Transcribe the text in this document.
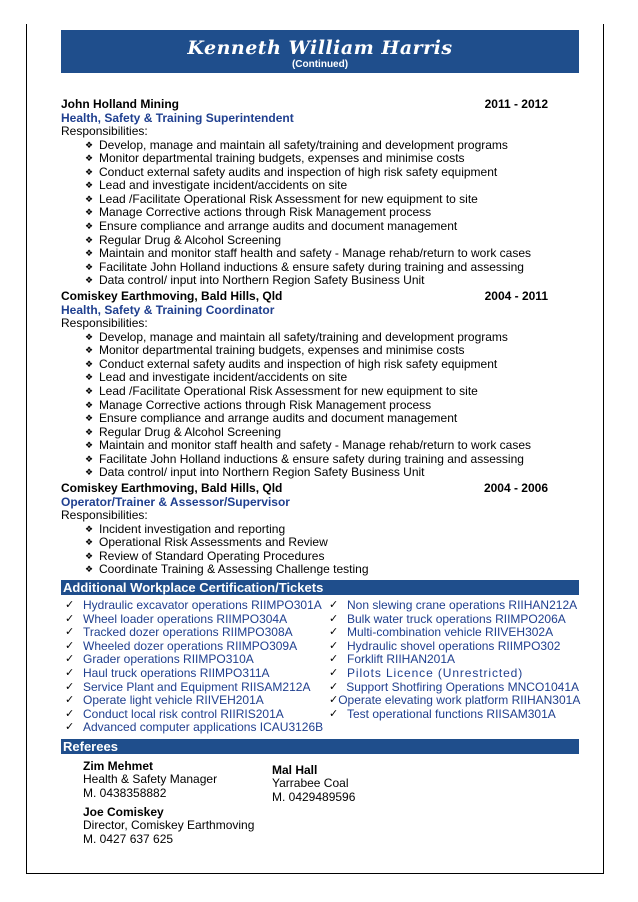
Kenneth William Harris
(Continued)
John Holland Mining	2011 - 2012
Health, Safety & Training Superintendent
Responsibilities:
❖ Develop, manage and maintain all safety/training and development programs
❖ Monitor departmental training budgets, expenses and minimise costs
❖ Conduct external safety audits and inspection of high risk safety equipment
❖ Lead and investigate incident/accidents on site
❖ Lead /Facilitate Operational Risk Assessment for new equipment to site
❖ Manage Corrective actions through Risk Management process
❖ Ensure compliance and arrange audits and document management
❖ Regular Drug & Alcohol Screening
❖ Maintain and monitor staff health and safety - Manage rehab/return to work cases
❖ Facilitate John Holland inductions & ensure safety during training and assessing
❖ Data control/ input into Northern Region Safety Business Unit
Comiskey Earthmoving, Bald Hills, Qld	2004 - 2011
Health, Safety & Training Coordinator
Responsibilities:
❖ Develop, manage and maintain all safety/training and development programs
❖ Monitor departmental training budgets, expenses and minimise costs
❖ Conduct external safety audits and inspection of high risk safety equipment
❖ Lead and investigate incident/accidents on site
❖ Lead /Facilitate Operational Risk Assessment for new equipment to site
❖ Manage Corrective actions through Risk Management process
❖ Ensure compliance and arrange audits and document management
❖ Regular Drug & Alcohol Screening
❖ Maintain and monitor staff health and safety - Manage rehab/return to work cases
❖ Facilitate John Holland inductions & ensure safety during training and assessing
❖ Data control/ input into Northern Region Safety Business Unit
Comiskey Earthmoving, Bald Hills, Qld	2004 - 2006
Operator/Trainer & Assessor/Supervisor
Responsibilities:
❖ Incident investigation and reporting
❖ Operational Risk Assessments and Review
❖ Review of Standard Operating Procedures
❖ Coordinate Training & Assessing Challenge testing
Additional Workplace Certification/Tickets
✓ Hydraulic excavator operations RIIMPO301A
✓ Wheel loader operations RIIMPO304A
✓ Tracked dozer operations RIIMPO308A
✓ Wheeled dozer operations RIIMPO309A
✓ Grader operations RIIMPO310A
✓ Haul truck operations RIIMPO311A
✓ Service Plant and Equipment RIISAM212A
✓ Operate light vehicle RIIVEH201A
✓ Conduct local risk control RIIRIS201A
✓ Advanced computer applications ICAU3126B
✓ Non slewing crane operations RIIHAN212A
✓ Bulk water truck operations RIIMPO206A
✓ Multi-combination vehicle RIIVEH302A
✓ Hydraulic shovel operations RIIMPO302
✓ Forklift RIIHAN201A
✓ Pilots Licence (Unrestricted)
✓ Support Shotfiring Operations MNCO1041A
✓ Operate elevating work platform RIIHAN301A
✓ Test operational functions RIISAM301A
Referees
Zim Mehmet
Health & Safety Manager
M. 0438358882
Joe Comiskey
Director, Comiskey Earthmoving
M. 0427 637 625
Mal Hall
Yarrabee Coal
M. 0429489596
